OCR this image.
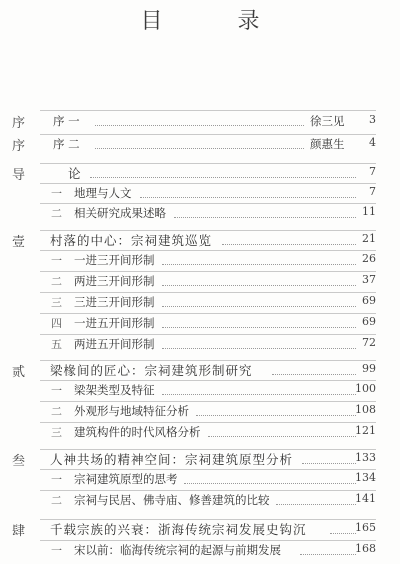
目 录
序 序 一	徐三见 3
序 序 二	颜惠生 4
导	论	7
一 地理与人文	7
二 相关研究成果述略	11
壹 村落的中心：宗祠建筑巡览	21
一 一进三开间形制	26
二 两进三开间形制	37
三 三进三开间形制	69
四 一进五开间形制	69
五 两进五开间形制	72
贰 梁椽间的匠心：宗祠建筑形制研究	99
一 梁架类型及特征	100
二 外观形与地域特征分析	108
三 建筑构件的时代风格分析	121
叁 人神共场的精神空间：宗祠建筑原型分析	133
一 宗祠建筑原型的思考	134
二 宗祠与民居、佛寺庙、修善建筑的比较	141
肆 千载宗族的兴衰：浙海传统宗祠发展史钩沉	165
一 宋以前：临海传统宗祠的起源与前期发展	168
